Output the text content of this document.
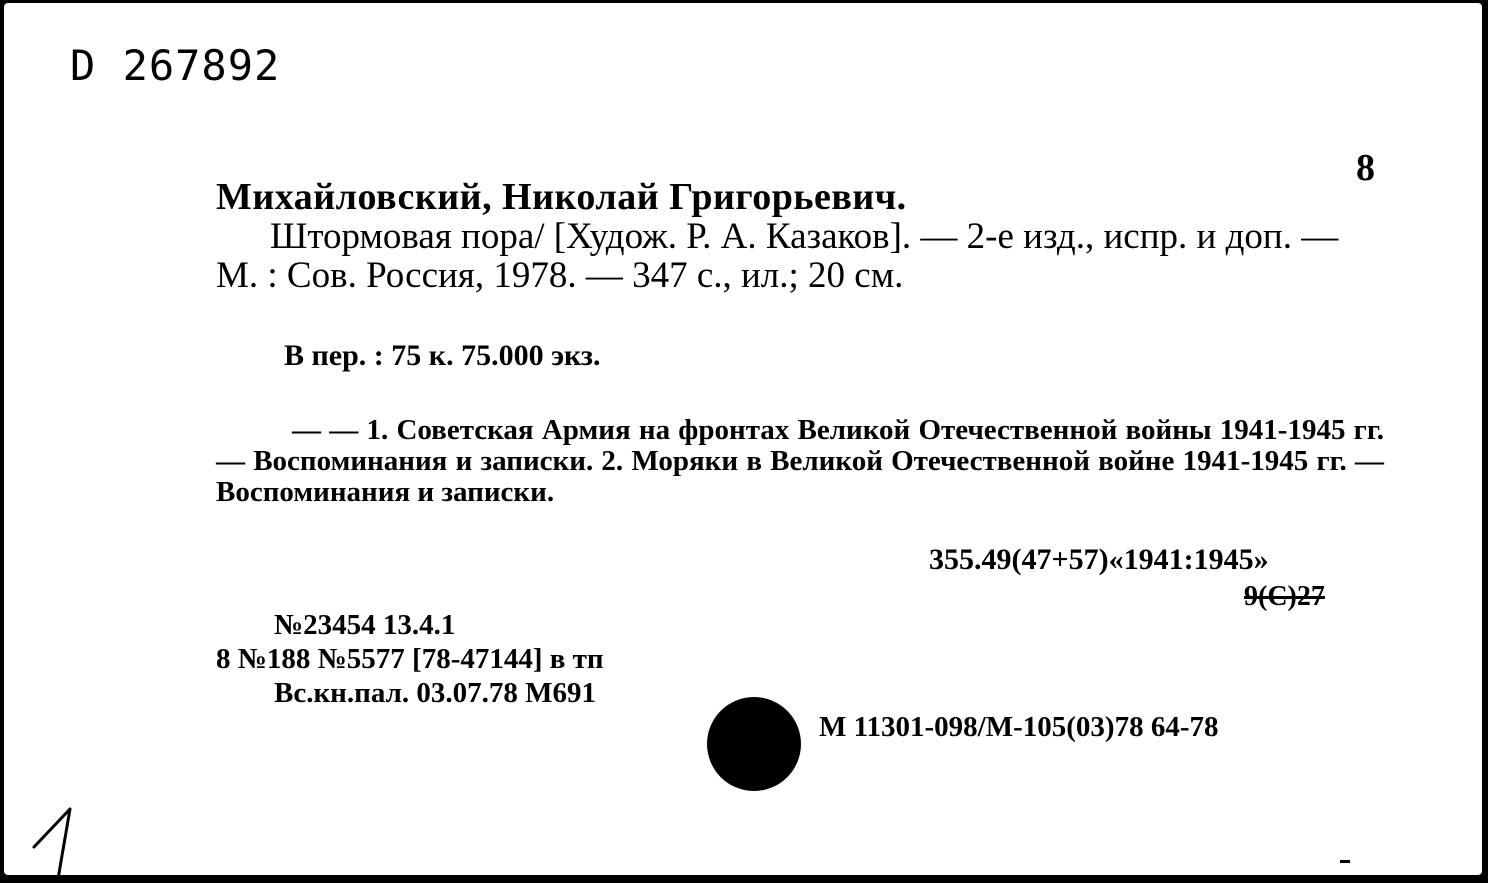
D 267892
8
Михайловский, Николай Григорьевич.
Штормовая пора/ [Худож. Р. А. Казаков]. — 2-е изд., испр. и доп. — М. : Сов. Россия, 1978. — 347 с., ил.; 20 см.
В пер. : 75 к. 75.000 экз.
— — 1. Советская Армия на фронтах Великой Отечественной войны 1941-1945 гг. — Воспоминания и записки. 2. Моряки в Великой Отечественной войне 1941-1945 гг. — Воспоминания и записки.
355.49(47+57)«1941:1945»
9(С)27
№23454 13.4.1
8 №188 №5577 [78-47144] в тп
Вс.кн.пал. 03.07.78 М691
М 11301-098/М-105(03)78 64-78
